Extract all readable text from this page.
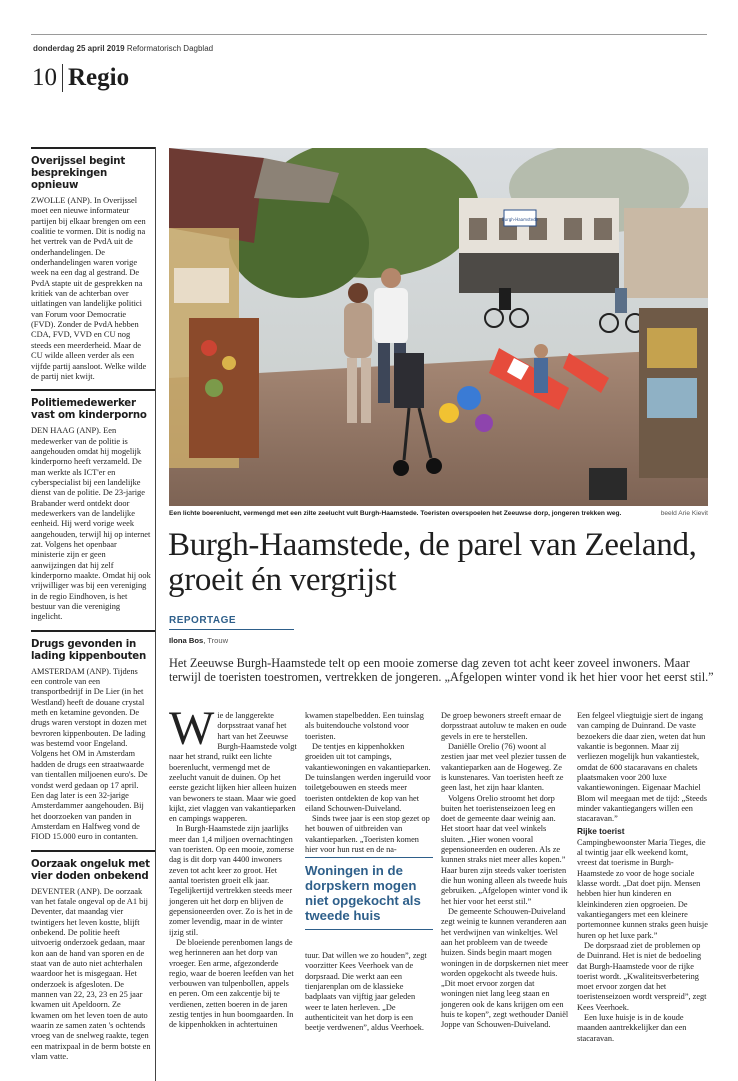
donderdag 25 april 2019 Reformatorisch Dagblad
10 Regio
Overijssel begint besprekingen opnieuw

ZWOLLE (ANP). In Overijssel moet een nieuwe informateur partijen bij elkaar brengen om een coalitie te vormen. Dit is nodig na het vertrek van de PvdA uit de onderhandelingen. De onderhandelingen waren vorige week na een dag al gestrand. De PvdA stapte uit de gesprekken na kritiek van de achterban over uitlatingen van landelijke politici van Forum voor Democratie (FVD). Zonder de PvdA hebben CDA, FVD, VVD en CU nog steeds een meerderheid. Maar de CU wilde alleen verder als een vijfde partij aansloot. Welke wilde de partij niet kwijt.

Politiemedewerker vast om kinderporno

DEN HAAG (ANP). Een medewerker van de politie is aangehouden omdat hij mogelijk kinderporno heeft verzameld. De man werkte als ICT'er en cyberspecialist bij een landelijke dienst van de politie. De 23-jarige Brabander werd ontdekt door medewerkers van de landelijke eenheid. Hij werd vorige week aangehouden, terwijl hij op internet zat. Volgens het openbaar ministerie zijn er geen aanwijzingen dat hij zelf kinderporno maakte. Omdat hij ook vrijwilliger was bij een vereniging in de regio Eindhoven, is het bestuur van die vereniging ingelicht.

Drugs gevonden in lading kippenbouten

AMSTERDAM (ANP). Tijdens een controle van een transportbedrijf in De Lier (in het Westland) heeft de douane crystal meth en ketamine gevonden. De drugs waren verstopt in dozen met bevroren kippenbouten. De lading was bestemd voor Engeland. Volgens het OM in Amsterdam hadden de drugs een straatwaarde van tientallen miljoenen euro's. De vondst werd gedaan op 17 april. Een dag later is een 32-jarige Amsterdammer aangehouden. Bij het doorzoeken van panden in Amsterdam en Halfweg vond de FIOD 15.000 euro in contanten.

Oorzaak ongeluk met vier doden onbekend

DEVENTER (ANP). De oorzaak van het fatale ongeval op de A1 bij Deventer, dat maandag vier twintigers het leven kostte, blijft onbekend. De politie heeft uitvoerig onderzoek gedaan, maar kon aan de hand van sporen en de staat van de auto niet achterhalen waardoor het is misgegaan. Het onderzoek is afgesloten. De mannen van 22, 23, 23 en 25 jaar kwamen uit Apeldoorn. Ze kwamen om het leven toen de auto waarin ze samen zaten 's ochtends vroeg van de snelweg raakte, tegen een matrixpaal in de berm botste en vlam vatte.

Burgh-Haamstede
Een lichte boerenlucht, vermengd met een zilte zeelucht vult Burgh-Haamstede. Toeristen overspoelen het Zeeuwse dorp, jongeren trekken weg.	beeld Arie Kievit
Burgh-Haamstede, de parel van Zeeland, groeit én vergrijst
REPORTAGE
Ilona Bos, Trouw
Het Zeeuwse Burgh-Haamstede telt op een mooie zomerse dag zeven tot acht keer zoveel inwoners. Maar terwijl de toeristen toestromen, vertrekken de jongeren. „Afgelopen winter vond ik het hier voor het eerst stil.”
W ie de langgerekte dorpsstraat vanaf het hart van het Zeeuwse Burgh-Haamstede volgt naar het strand, ruikt een lichte boerenlucht, vermengd met de zeelucht vanuit de duinen. Op het eerste gezicht lijken hier alleen huizen van bewoners te staan. Maar wie goed kijkt, ziet vlaggen van vakantieparken en campings wapperen.

In Burgh-Haamstede zijn jaarlijks meer dan 1,4 miljoen overnachtingen van toeristen. Op een mooie, zomerse dag is dit dorp van 4400 inwoners zeven tot acht keer zo groot. Het aantal toeristen groeit elk jaar. Tegelijkertijd vertrekken steeds meer jongeren uit het dorp en blijven de gepensioneerden over. Zo is het in de zomer levendig, maar in de winter ijzig stil.

De bloeiende perenbomen langs de weg herinneren aan het dorp van vroeger. Een arme, afgezonderde regio, waar de boeren leefden van het verbouwen van tulpenbollen, appels en peren. Om een zakcentje bij te verdienen, zetten boeren in de jaren zestig tentjes in hun boomgaarden. In de kippenhokken in achtertuinen

kwamen stapelbedden. Een tuinslag als buitendouche volstond voor toeristen.

De tentjes en kippenhokken groeiden uit tot campings, vakantiewoningen en vakantieparken. De tuinslangen werden ingeruild voor toiletgebouwen en steeds meer toeristen ontdekten de kop van het eiland Schouwen-Duiveland.

Sinds twee jaar is een stop gezet op het bouwen of uitbreiden van vakantieparken. „Toeristen komen hier voor hun rust en de na-

Woningen in de dorpskern mogen niet opgekocht als tweede huis

tuur. Dat willen we zo houden”, zegt voorzitter Kees Veerhoek van de dorpsraad. Die werkt aan een tienjarenplan om de klassieke badplaats van vijftig jaar geleden weer te laten herleven. „De authenticiteit van het dorp is een beetje verdwenen”, aldus Veerhoek.

De groep bewoners streeft ernaar de dorpsstraat autoluw te maken en oude gevels in ere te herstellen.

Daniëlle Orelio (76) woont al zestien jaar met veel plezier tussen de vakantieparken aan de Hogeweg. Ze is kunstenares. Van toeristen heeft ze geen last, het zijn haar klanten.

Volgens Orelio stroomt het dorp buiten het toeristenseizoen leeg en doet de gemeente daar weinig aan. Het stoort haar dat veel winkels sluiten. „Hier wonen vooral gepensioneerden en ouderen. Als ze kunnen straks niet meer alles kopen.” Haar buren zijn steeds vaker toeristen die hun woning alleen als tweede huis gebruiken. „Afgelopen winter vond ik het hier voor het eerst stil.”

De gemeente Schouwen-Duiveland zegt weinig te kunnen veranderen aan het verdwijnen van winkeltjes. Wel aan het probleem van de tweede huizen. Sinds begin maart mogen woningen in de dorpskernen niet meer worden opgekocht als tweede huis. „Dit moet ervoor zorgen dat woningen niet lang leeg staan en jongeren ook de kans krijgen om een huis te kopen”, zegt wethouder Daniël Joppe van Schouwen-Duiveland.

Een felgeel vliegtuigje siert de ingang van camping de Duinrand. De vaste bezoekers die daar zien, weten dat hun vakantie is begonnen. Maar zij verliezen mogelijk hun vakantiestek, omdat de 600 stacaravans en chalets plaatsmaken voor 200 luxe vakantiewoningen. Eigenaar Machiel Blom wil meegaan met de tijd: „Steeds minder vakantiegangers willen een stacaravan.”

Rijke toerist

Campingbewoonster Maria Tieges, die al twintig jaar elk weekend komt, vreest dat toerisme in Burgh-Haamstede zo voor de hoge sociale klasse wordt. „Dat doet pijn. Mensen hebben hier hun kinderen en kleinkinderen zien opgroeien. De vakantiegangers met een kleinere portemonnee kunnen straks geen huisje huren op het luxe park.”

De dorpsraad ziet de problemen op de Duinrand. Het is niet de bedoeling dat Burgh-Haamstede voor de rijke toerist wordt. „Kwaliteitsverbetering moet ervoor zorgen dat het toeristenseizoen wordt verspreid”, zegt Kees Veerhoek.

Een luxe huisje is in de koude maanden aantrekkelijker dan een stacaravan.
